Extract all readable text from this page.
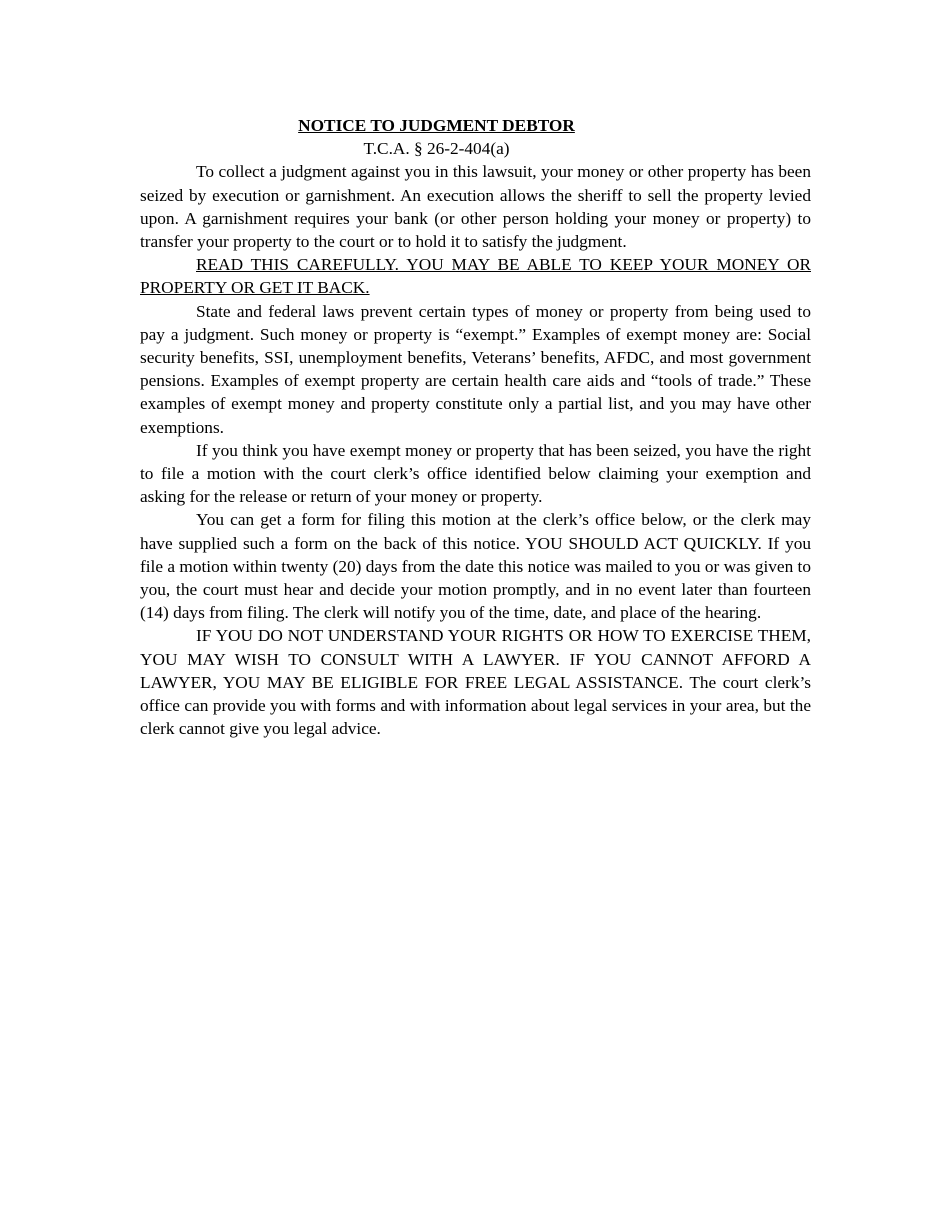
NOTICE TO JUDGMENT DEBTOR

T.C.A. § 26-2-404(a)

To collect a judgment against you in this lawsuit, your money or other property has been seized by execution or garnishment. An execution allows the sheriff to sell the property levied upon. A garnishment requires your bank (or other person holding your money or property) to transfer your property to the court or to hold it to satisfy the judgment.

READ THIS CAREFULLY. YOU MAY BE ABLE TO KEEP YOUR MONEY OR PROPERTY OR GET IT BACK.

State and federal laws prevent certain types of money or property from being used to pay a judgment. Such money or property is “exempt.” Examples of exempt money are: Social security benefits, SSI, unemployment benefits, Veterans’ benefits, AFDC, and most government pensions. Examples of exempt property are certain health care aids and “tools of trade.” These examples of exempt money and property constitute only a partial list, and you may have other exemptions.

If you think you have exempt money or property that has been seized, you have the right to file a motion with the court clerk’s office identified below claiming your exemption and asking for the release or return of your money or property.

You can get a form for filing this motion at the clerk’s office below, or the clerk may have supplied such a form on the back of this notice. YOU SHOULD ACT QUICKLY. If you file a motion within twenty (20) days from the date this notice was mailed to you or was given to you, the court must hear and decide your motion promptly, and in no event later than fourteen (14) days from filing. The clerk will notify you of the time, date, and place of the hearing.

IF YOU DO NOT UNDERSTAND YOUR RIGHTS OR HOW TO EXERCISE THEM, YOU MAY WISH TO CONSULT WITH A LAWYER. IF YOU CANNOT AFFORD A LAWYER, YOU MAY BE ELIGIBLE FOR FREE LEGAL ASSISTANCE. The court clerk’s office can provide you with forms and with information about legal services in your area, but the clerk cannot give you legal advice.
